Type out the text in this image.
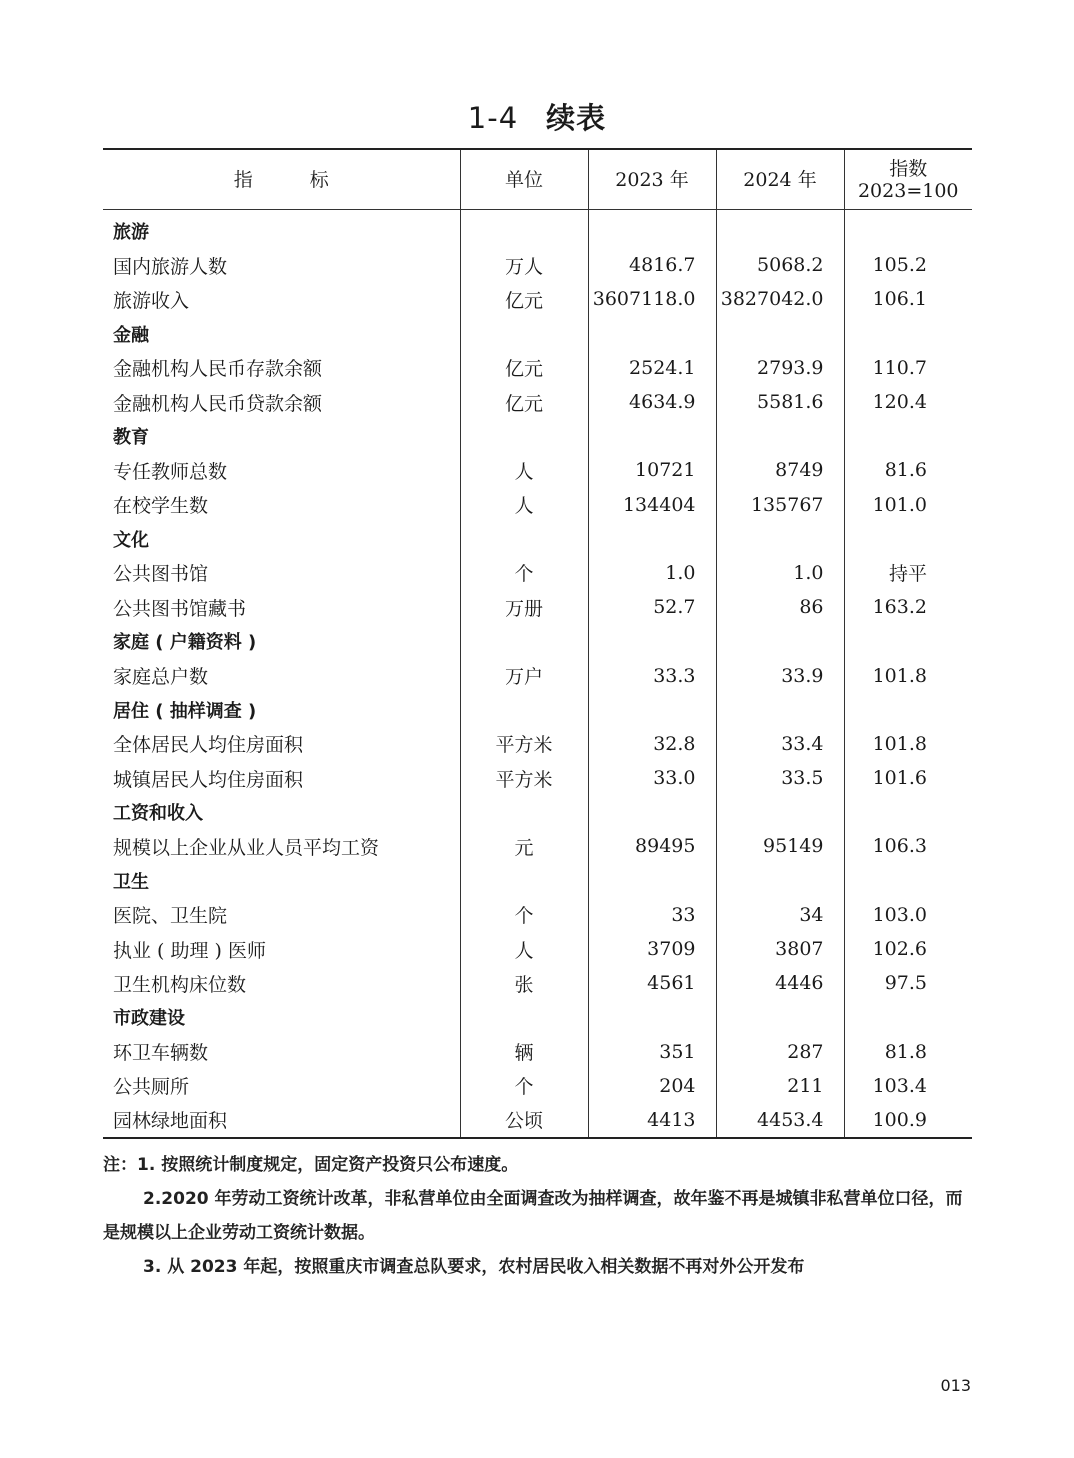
1-4 续表
指　　　标	单位	2023 年	2024 年	指数
2023=100

旅游				
国内旅游人数	万人	4816.7	5068.2	105.2
旅游收入	亿元	3607118.0	3827042.0	106.1
金融				
金融机构人民币存款余额	亿元	2524.1	2793.9	110.7
金融机构人民币贷款余额	亿元	4634.9	5581.6	120.4
教育				
专任教师总数	人	10721	8749	81.6
在校学生数	人	134404	135767	101.0
文化				
公共图书馆	个	1.0	1.0	持平
公共图书馆藏书	万册	52.7	86	163.2
家庭 ( 户籍资料 )				
家庭总户数	万户	33.3	33.9	101.8
居住 ( 抽样调查 )				
全体居民人均住房面积	平方米	32.8	33.4	101.8
城镇居民人均住房面积	平方米	33.0	33.5	101.6
工资和收入				
规模以上企业从业人员平均工资	元	89495	95149	106.3
卫生				
医院、卫生院	个	33	34	103.0
执业 ( 助理 ) 医师	人	3709	3807	102.6
卫生机构床位数	张	4561	4446	97.5
市政建设				
环卫车辆数	辆	351	287	81.8
公共厕所	个	204	211	103.4
园林绿地面积	公顷	4413	4453.4	100.9

注：1. 按照统计制度规定，固定资产投资只公布速度。

2.2020 年劳动工资统计改革，非私营单位由全面调查改为抽样调查，故年鉴不再是城镇非私营单位口径，而是规模以上企业劳动工资统计数据。

3. 从 2023 年起，按照重庆市调查总队要求，农村居民收入相关数据不再对外公开发布

013
